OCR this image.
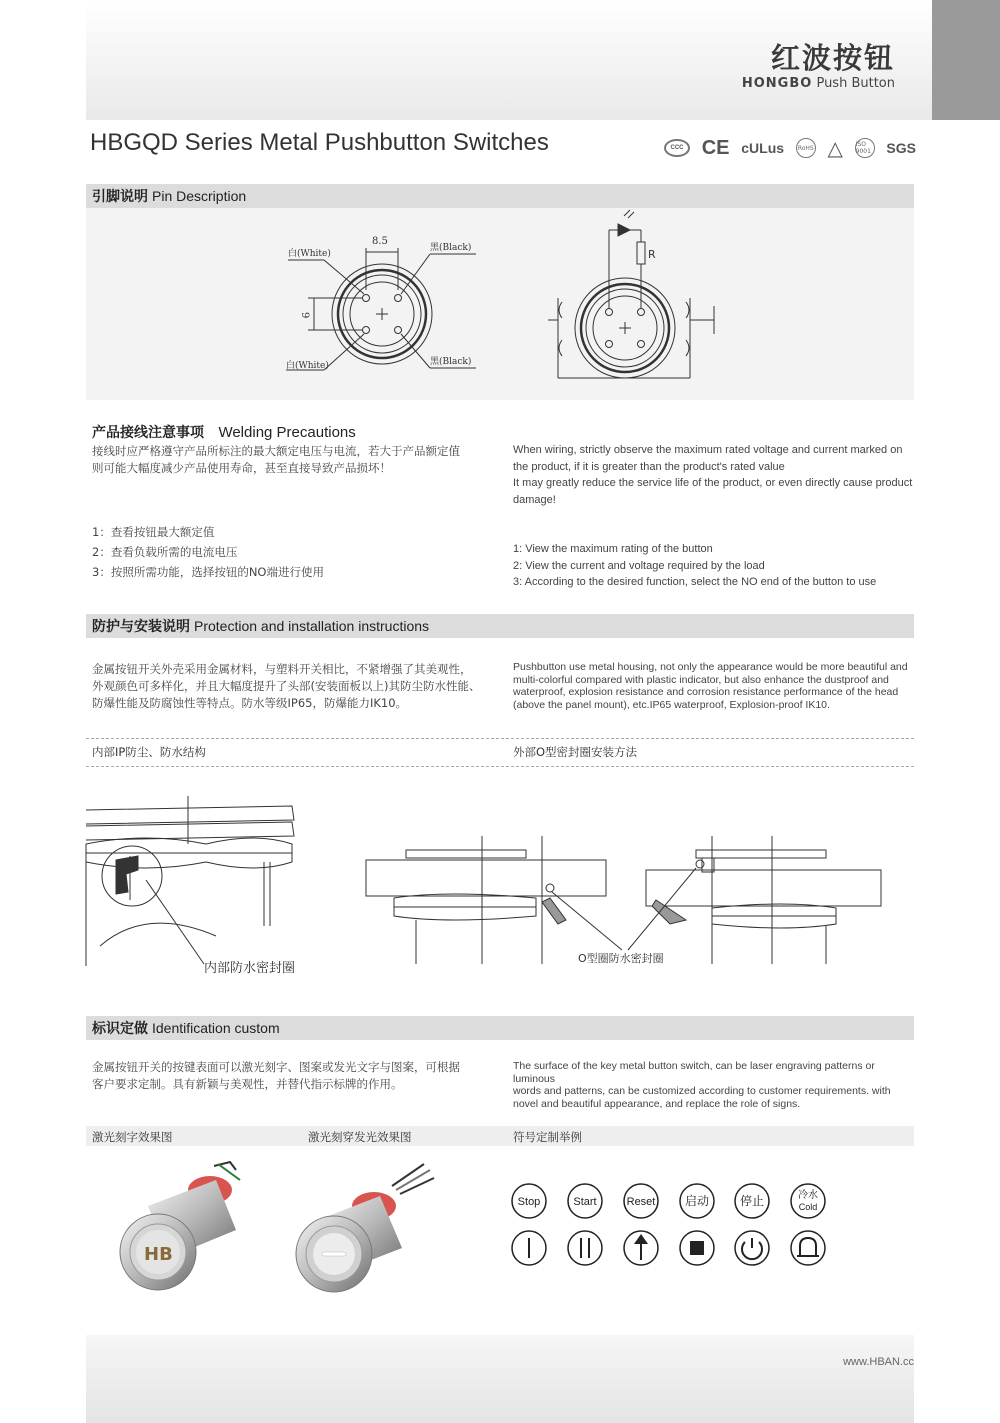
红波按钮
HONGBO Push Button
HBGQD Series Metal Pushbutton Switches	CCC CE cULus	RoHS △ ISO 9001 SGS
引脚说明 Pin Description
8.5
9
白(White)
黑(Black)
白(White)	黑(Black)
R
产品接线注意事项 Welding Precautions

接线时应严格遵守产品所标注的最大额定电压与电流，若大于产品额定值

则可能大幅度减少产品使用寿命，甚至直接导致产品损坏！

When wiring, strictly observe the maximum rated voltage and current marked on

the product, if it is greater than the product's rated value

It may greatly reduce the service life of the product, or even directly cause product

damage!

1：查看按钮最大额定值

2：查看负载所需的电流电压

3：按照所需功能，选择按钮的NO端进行使用

1: View the maximum rating of the button

2: View the current and voltage required by the load

3: According to the desired function, select the NO end of the button to use

防护与安装说明 Protection and installation instructions

金属按钮开关外壳采用金属材料，与塑料开关相比，不紧增强了其美观性，

外观颜色可多样化，并且大幅度提升了头部(安装面板以上)其防尘防水性能、

防爆性能及防腐蚀性等特点。防水等级IP65，防爆能力IK10。

Pushbutton use metal housing, not only the appearance would be more beautiful and

multi-colorful compared with plastic indicator, but also enhance the dustproof and

waterproof, explosion resistance and corrosion resistance performance of the head

(above the panel mount), etc.IP65 waterproof, Explosion-proof IK10.

内部IP防尘、防水结构	外部O型密封圈安装方法
内部防水密封圈
O型圈防水密封圈
标识定做 Identification custom

金属按钮开关的按键表面可以激光刻字、图案或发光文字与图案，可根据

客户要求定制。具有新颖与美观性，并替代指示标牌的作用。

The surface of the key metal button switch, can be laser engraving patterns or luminous

words and patterns, can be customized according to customer requirements. with

novel and beautiful appearance, and replace the role of signs.

激光刻字效果图	激光刻穿发光效果图	符号定制举例
HB
Stop	Start	Reset 启动	停止	冷水
Cold
www.HBAN.cc
